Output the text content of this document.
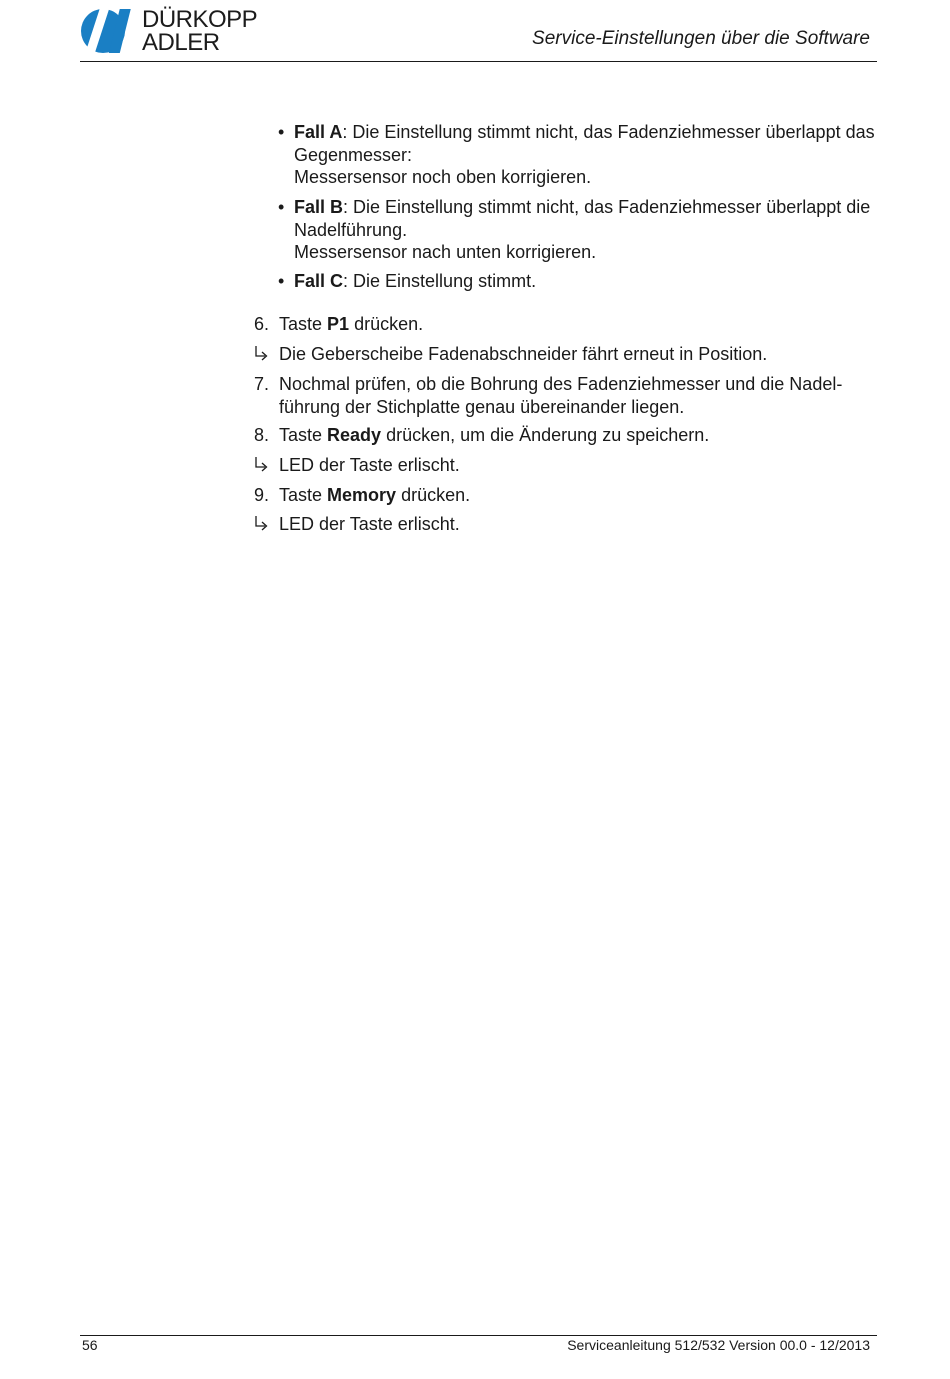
DÜRKOPP
ADLER	Service-Einstellungen über die Software
• Fall A: Die Einstellung stimmt nicht, das Fadenziehmesser überlappt das Gegenmesser:
Messersensor noch oben korrigieren.
• Fall B: Die Einstellung stimmt nicht, das Fadenziehmesser überlappt die Nadelführung.
Messersensor nach unten korrigieren.
• Fall C: Die Einstellung stimmt.
6. Taste P1 drücken.
Die Geberscheibe Fadenabschneider fährt erneut in Position.
7. Nochmal prüfen, ob die Bohrung des Fadenziehmesser und die Nadel-
führung der Stichplatte genau übereinander liegen.
8. Taste Ready drücken, um die Änderung zu speichern.
LED der Taste erlischt.
9. Taste Memory drücken.
LED der Taste erlischt.
56	Serviceanleitung 512/532 Version 00.0 - 12/2013
